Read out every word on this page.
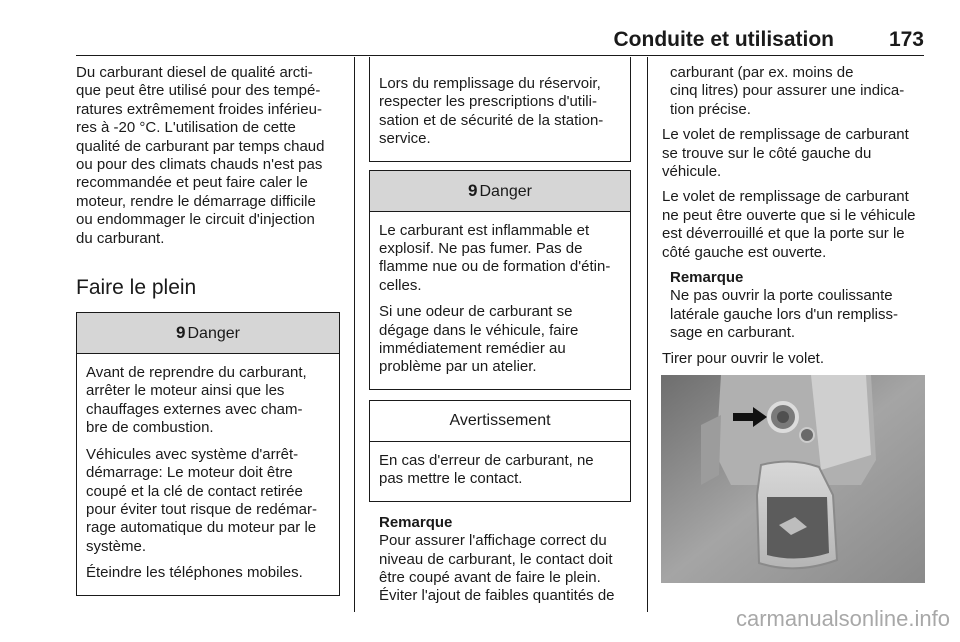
Conduite et utilisation	173

Du carburant diesel de qualité arcti-
que peut être utilisé pour des tempé-
ratures extrêmement froides inférieu-
res à -20 °C. L'utilisation de cette
qualité de carburant par temps chaud
ou pour des climats chauds n'est pas
recommandée et peut faire caler le
moteur, rendre le démarrage difficile
ou endommager le circuit d'injection
du carburant.

Faire le plein
9 Danger

Avant de reprendre du carburant,
arrêter le moteur ainsi que les
chauffages externes avec cham-
bre de combustion.

Véhicules avec système d'arrêt-
démarrage: Le moteur doit être
coupé et la clé de contact retirée
pour éviter tout risque de redémar-
rage automatique du moteur par le
système.

Éteindre les téléphones mobiles.

Lors du remplissage du réservoir,
respecter les prescriptions d'utili-
sation et de sécurité de la station-
service.

9 Danger

Le carburant est inflammable et
explosif. Ne pas fumer. Pas de
flamme nue ou de formation d'étin-
celles.

Si une odeur de carburant se
dégage dans le véhicule, faire
immédiatement remédier au
problème par un atelier.

Avertissement

En cas d'erreur de carburant, ne
pas mettre le contact.

Remarque
Pour assurer l'affichage correct du
niveau de carburant, le contact doit
être coupé avant de faire le plein.
Éviter l'ajout de faibles quantités de

carburant (par ex. moins de
cinq litres) pour assurer une indica-
tion précise.

Le volet de remplissage de carburant
se trouve sur le côté gauche du
véhicule.

Le volet de remplissage de carburant
ne peut être ouverte que si le véhicule
est déverrouillé et que la porte sur le
côté gauche est ouverte.

Remarque
Ne pas ouvrir la porte coulissante
latérale gauche lors d'un rempliss-
sage en carburant.

Tirer pour ouvrir le volet.

carmanualsonline.info
